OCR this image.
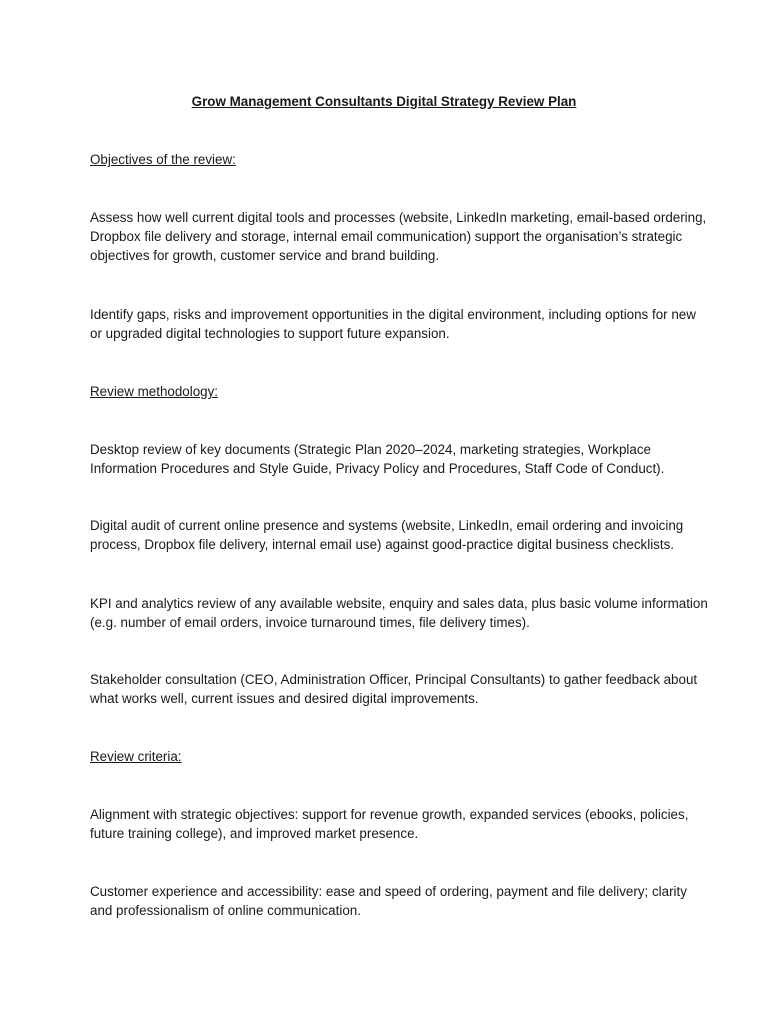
Grow Management Consultants Digital Strategy Review Plan
Objectives of the review:
Assess how well current digital tools and processes (website, LinkedIn marketing, email-based ordering,
Dropbox file delivery and storage, internal email communication) support the organisation’s strategic
objectives for growth, customer service and brand building.
Identify gaps, risks and improvement opportunities in the digital environment, including options for new
or upgraded digital technologies to support future expansion.
Review methodology:
Desktop review of key documents (Strategic Plan 2020–2024, marketing strategies, Workplace
Information Procedures and Style Guide, Privacy Policy and Procedures, Staff Code of Conduct).
Digital audit of current online presence and systems (website, LinkedIn, email ordering and invoicing
process, Dropbox file delivery, internal email use) against good-practice digital business checklists.
KPI and analytics review of any available website, enquiry and sales data, plus basic volume information
(e.g. number of email orders, invoice turnaround times, file delivery times).
Stakeholder consultation (CEO, Administration Officer, Principal Consultants) to gather feedback about
what works well, current issues and desired digital improvements.
Review criteria:
Alignment with strategic objectives: support for revenue growth, expanded services (ebooks, policies,
future training college), and improved market presence.
Customer experience and accessibility: ease and speed of ordering, payment and file delivery; clarity
and professionalism of online communication.
